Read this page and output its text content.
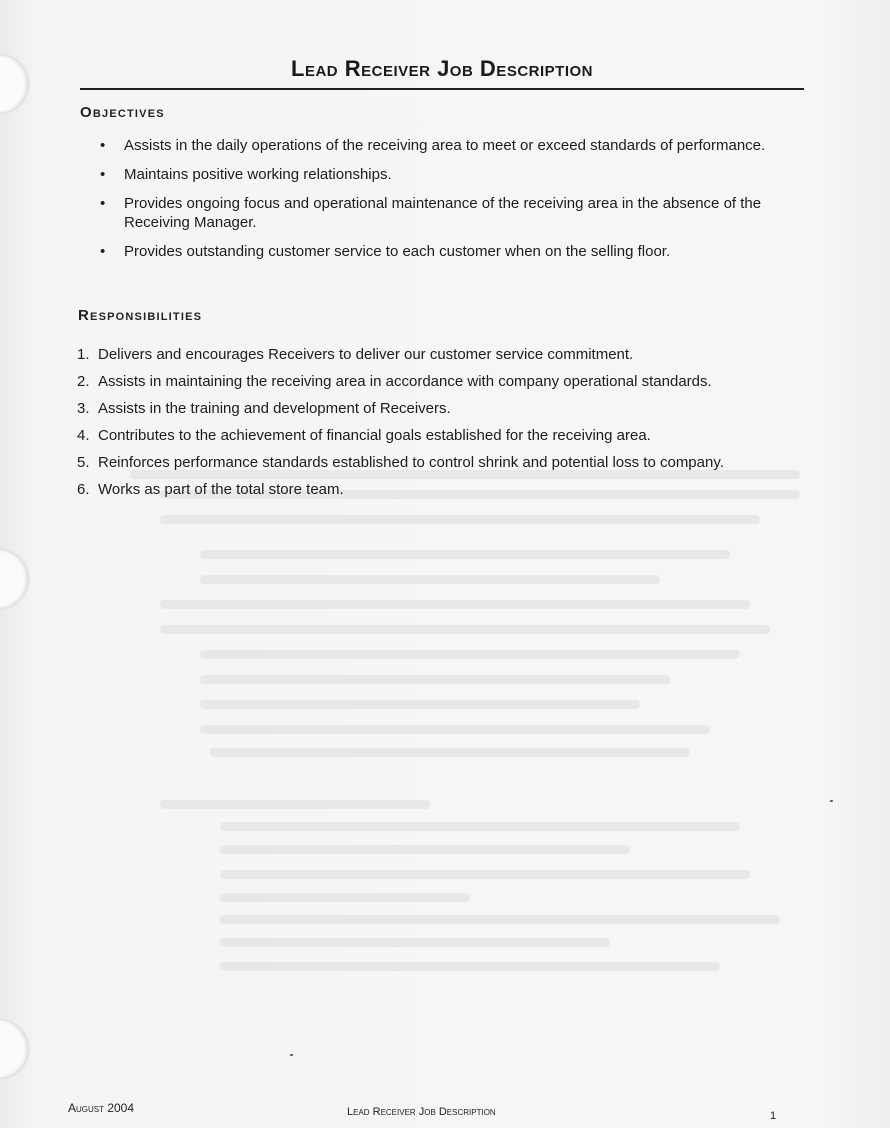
Lead Receiver Job Description
Objectives
• Assists in the daily operations of the receiving area to meet or exceed standards of performance.
• Maintains positive working relationships.
• Provides ongoing focus and operational maintenance of the receiving area in the absence of the Receiving Manager.
• Provides outstanding customer service to each customer when on the selling floor.
Responsibilities
1. Delivers and encourages Receivers to deliver our customer service commitment.
2. Assists in maintaining the receiving area in accordance with company operational standards.
3. Assists in the training and development of Receivers.
4. Contributes to the achievement of financial goals established for the receiving area.
5. Reinforces performance standards established to control shrink and potential loss to company.
6. Works as part of the total store team.
August 2004	Lead Receiver Job Description	1
